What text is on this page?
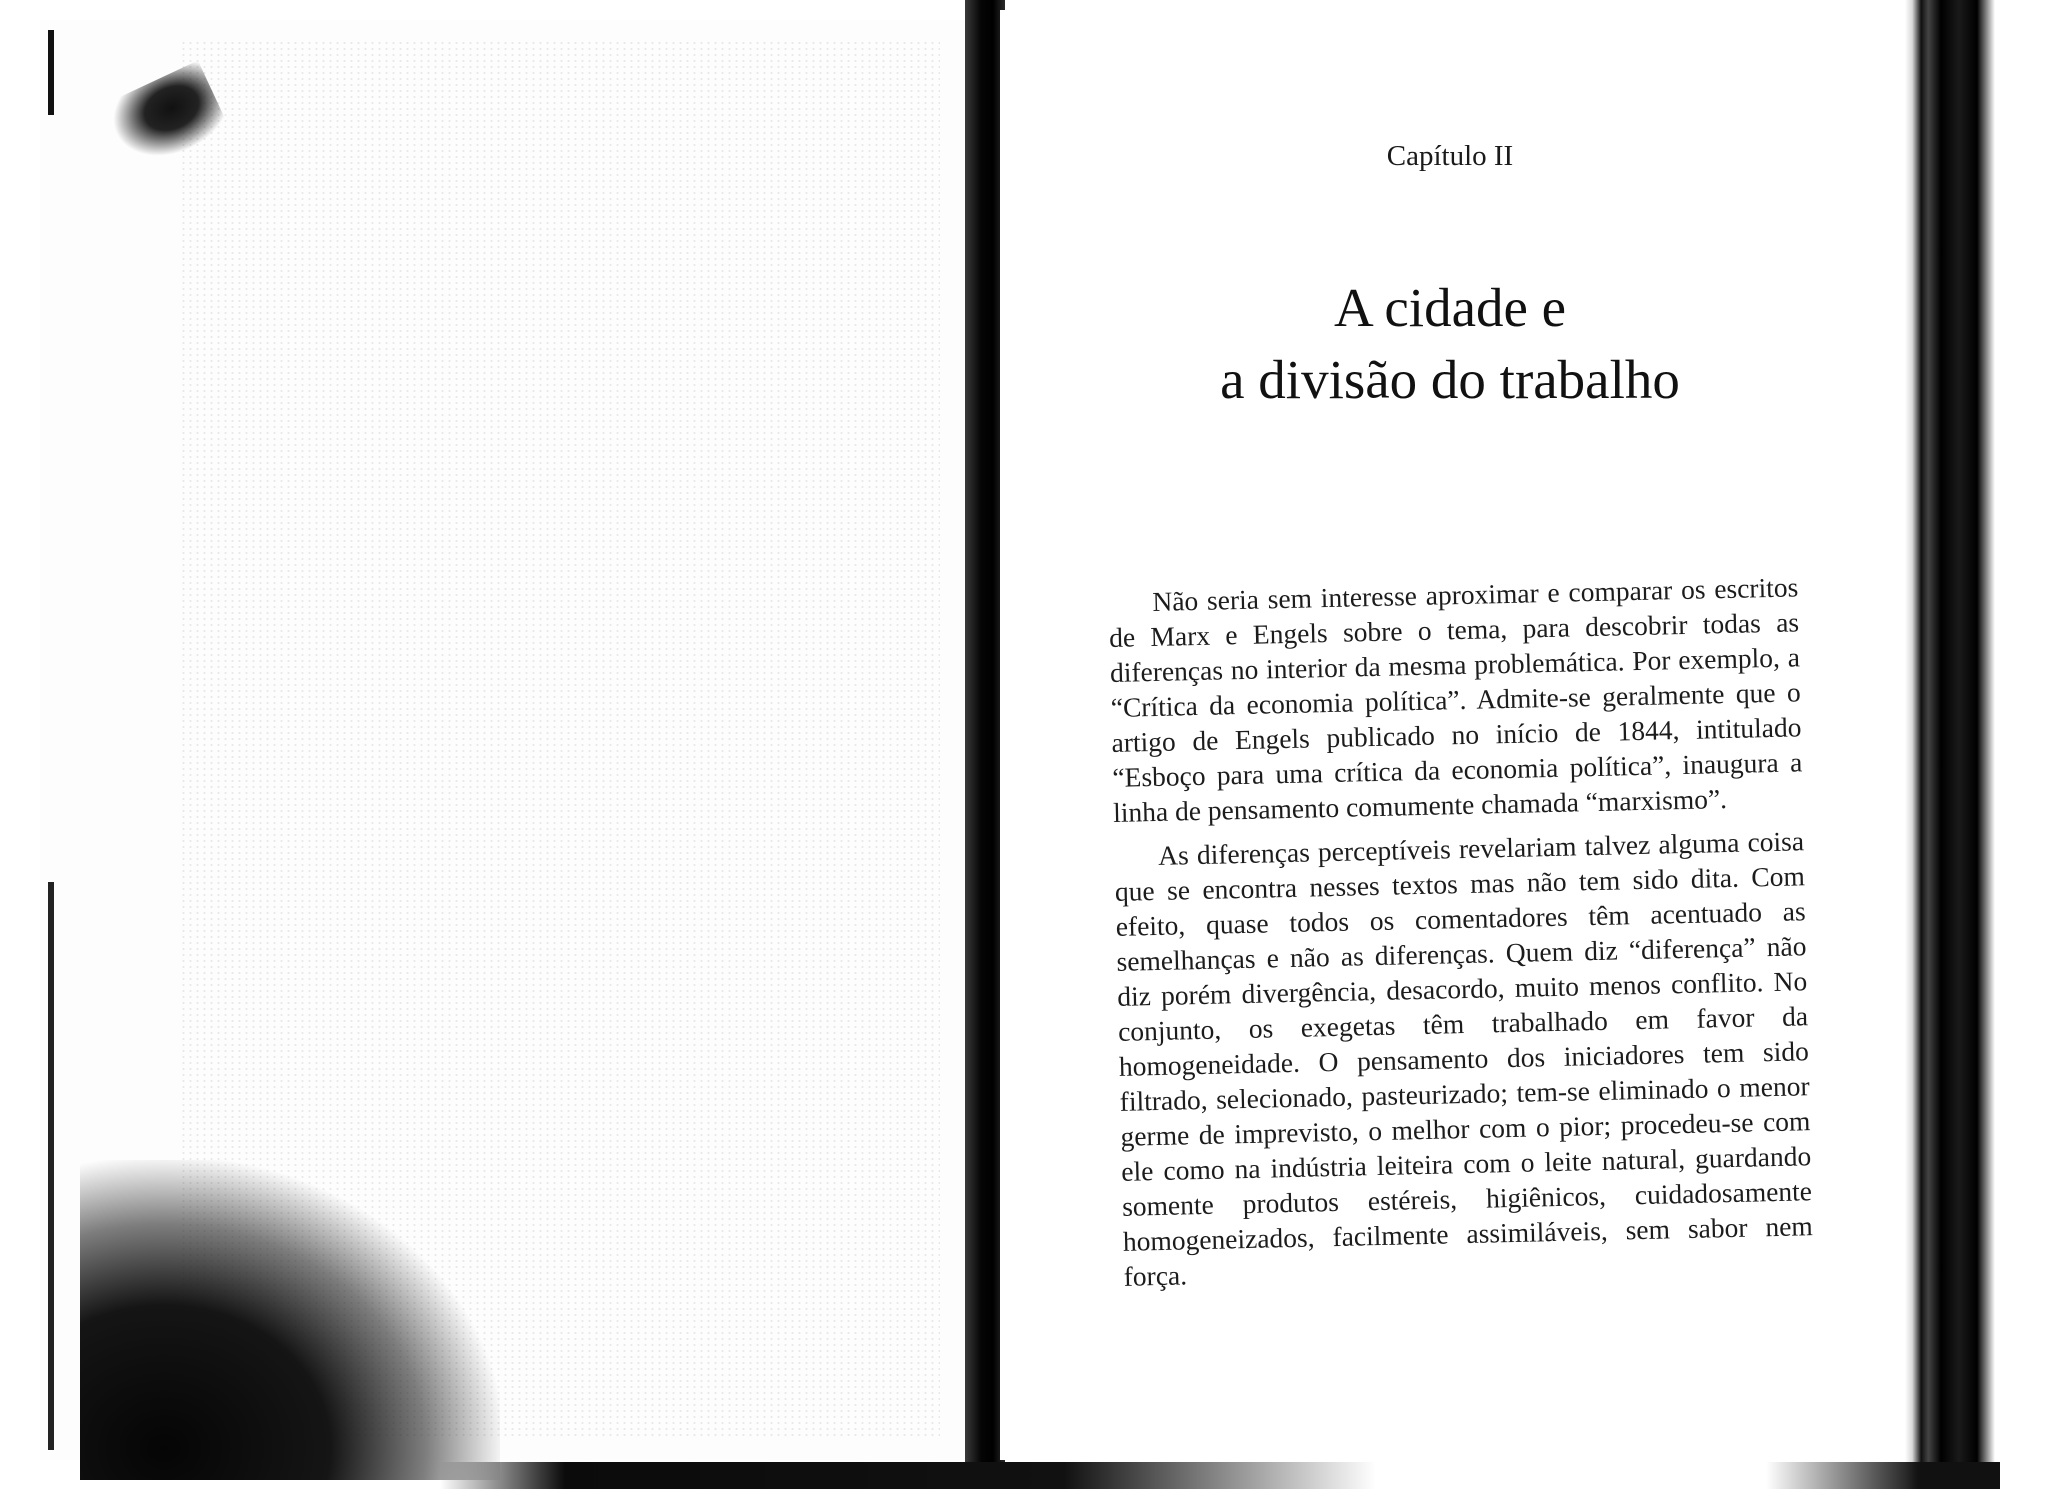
Capítulo II
A cidade e
a divisão do trabalho

Não seria sem interesse aproximar e comparar os escritos de Marx e Engels sobre o tema, para descobrir todas as diferenças no interior da mesma problemática. Por exemplo, a “Crítica da economia política”. Admite-se geralmente que o artigo de Engels publicado no início de 1844, intitulado “Esboço para uma crítica da economia política”, inaugura a linha de pensamento comumente chamada “marxismo”.

As diferenças perceptíveis revelariam talvez alguma coisa que se encontra nesses textos mas não tem sido dita. Com efeito, quase todos os comentadores têm acentuado as semelhanças e não as diferenças. Quem diz “diferença” não diz porém divergência, desacordo, muito menos conflito. No conjunto, os exegetas têm trabalhado em favor da homogeneidade. O pensamento dos iniciadores tem sido filtrado, selecionado, pasteurizado; tem-se eliminado o menor germe de imprevisto, o melhor com o pior; procedeu-se com ele como na indústria leiteira com o leite natural, guardando somente produtos estéreis, higiênicos, cuidadosamente homogeneizados, facilmente assimiláveis, sem sabor nem força.
